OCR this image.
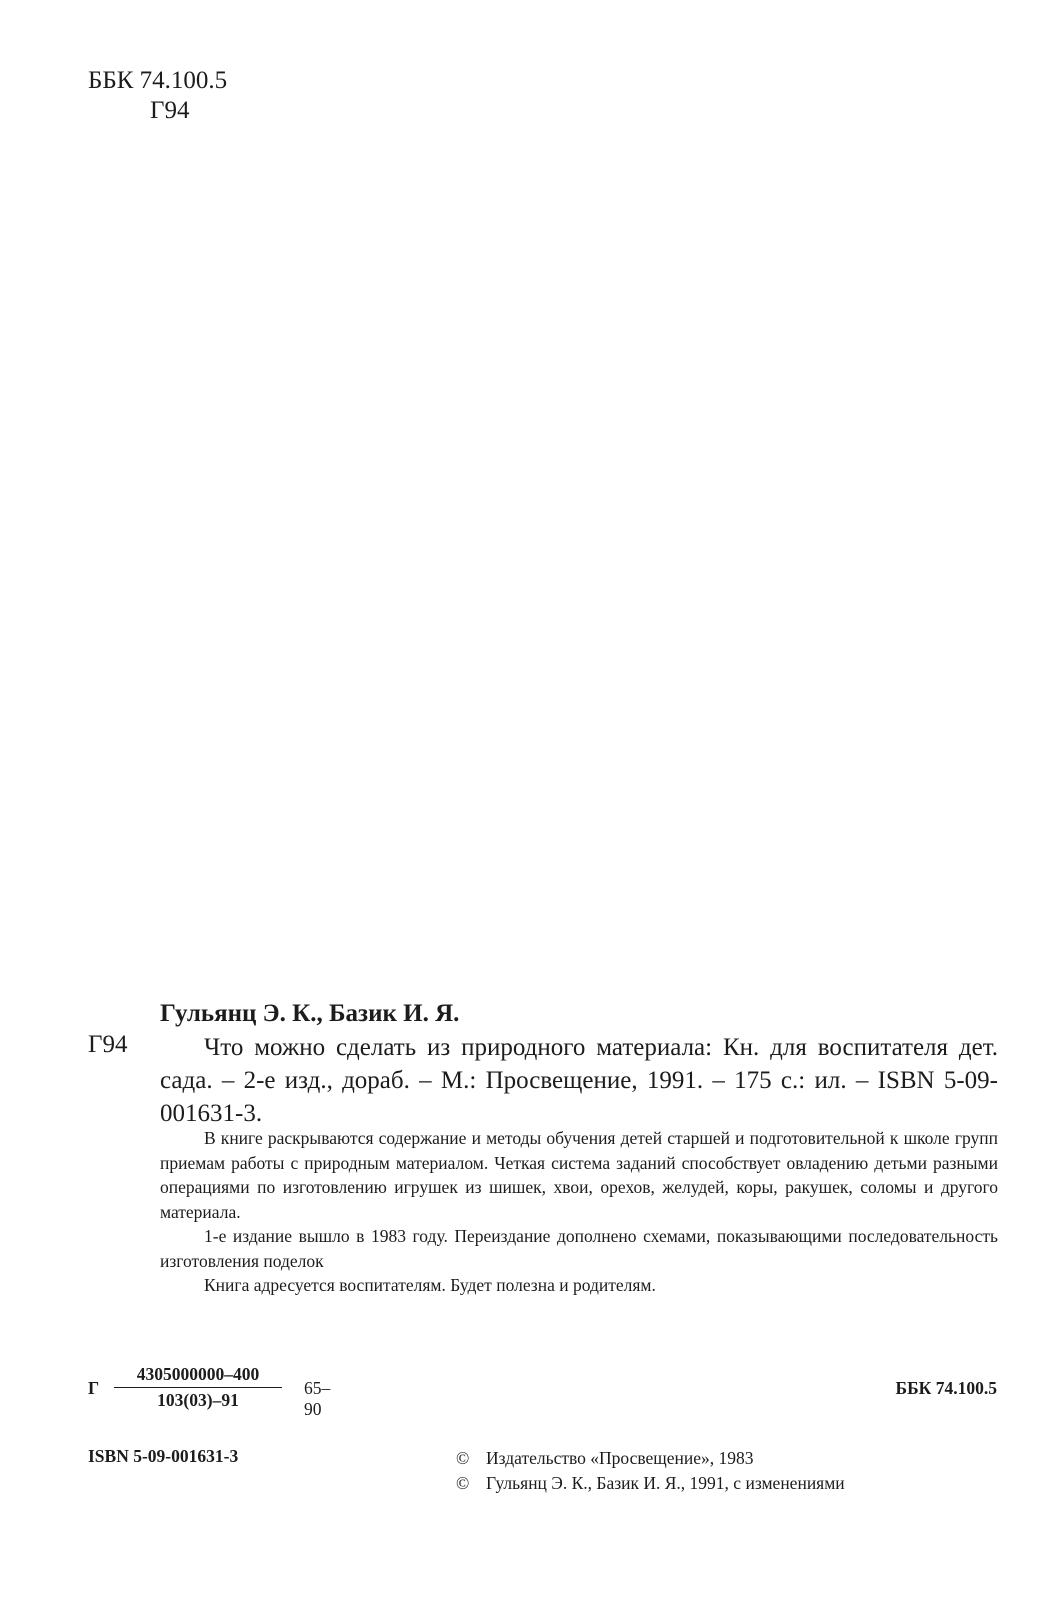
ББК 74.100.5
Г94
Гульянц Э. К., Базик И. Я.
Г94	Что можно сделать из природного материала: Кн. для воспитателя дет. сада. – 2-е изд., дораб. – М.: Просвещение, 1991. – 175 с.: ил. – ISBN 5-09-001631-3.

В книге раскрываются содержание и методы обучения детей старшей и подготовительной к школе групп приемам работы с природным материалом. Четкая система заданий способствует овладению детьми разными операциями по изготовлению игрушек из шишек, хвои, орехов, желудей, коры, ракушек, соломы и другого материала.

1-е издание вышло в 1983 году. Переиздание дополнено схемами, показывающими последовательность изготовления поделок

Книга адресуется воспитателям. Будет полезна и родителям.

Г $\frac{4305000000-400}{103(03)-91} 65-90$
ББК 74.100.5
ISBN 5-09-001631-3	© Издательство «Просвещение», 1983
© Гульянц Э. К., Базик И. Я., 1991, с изменениями
